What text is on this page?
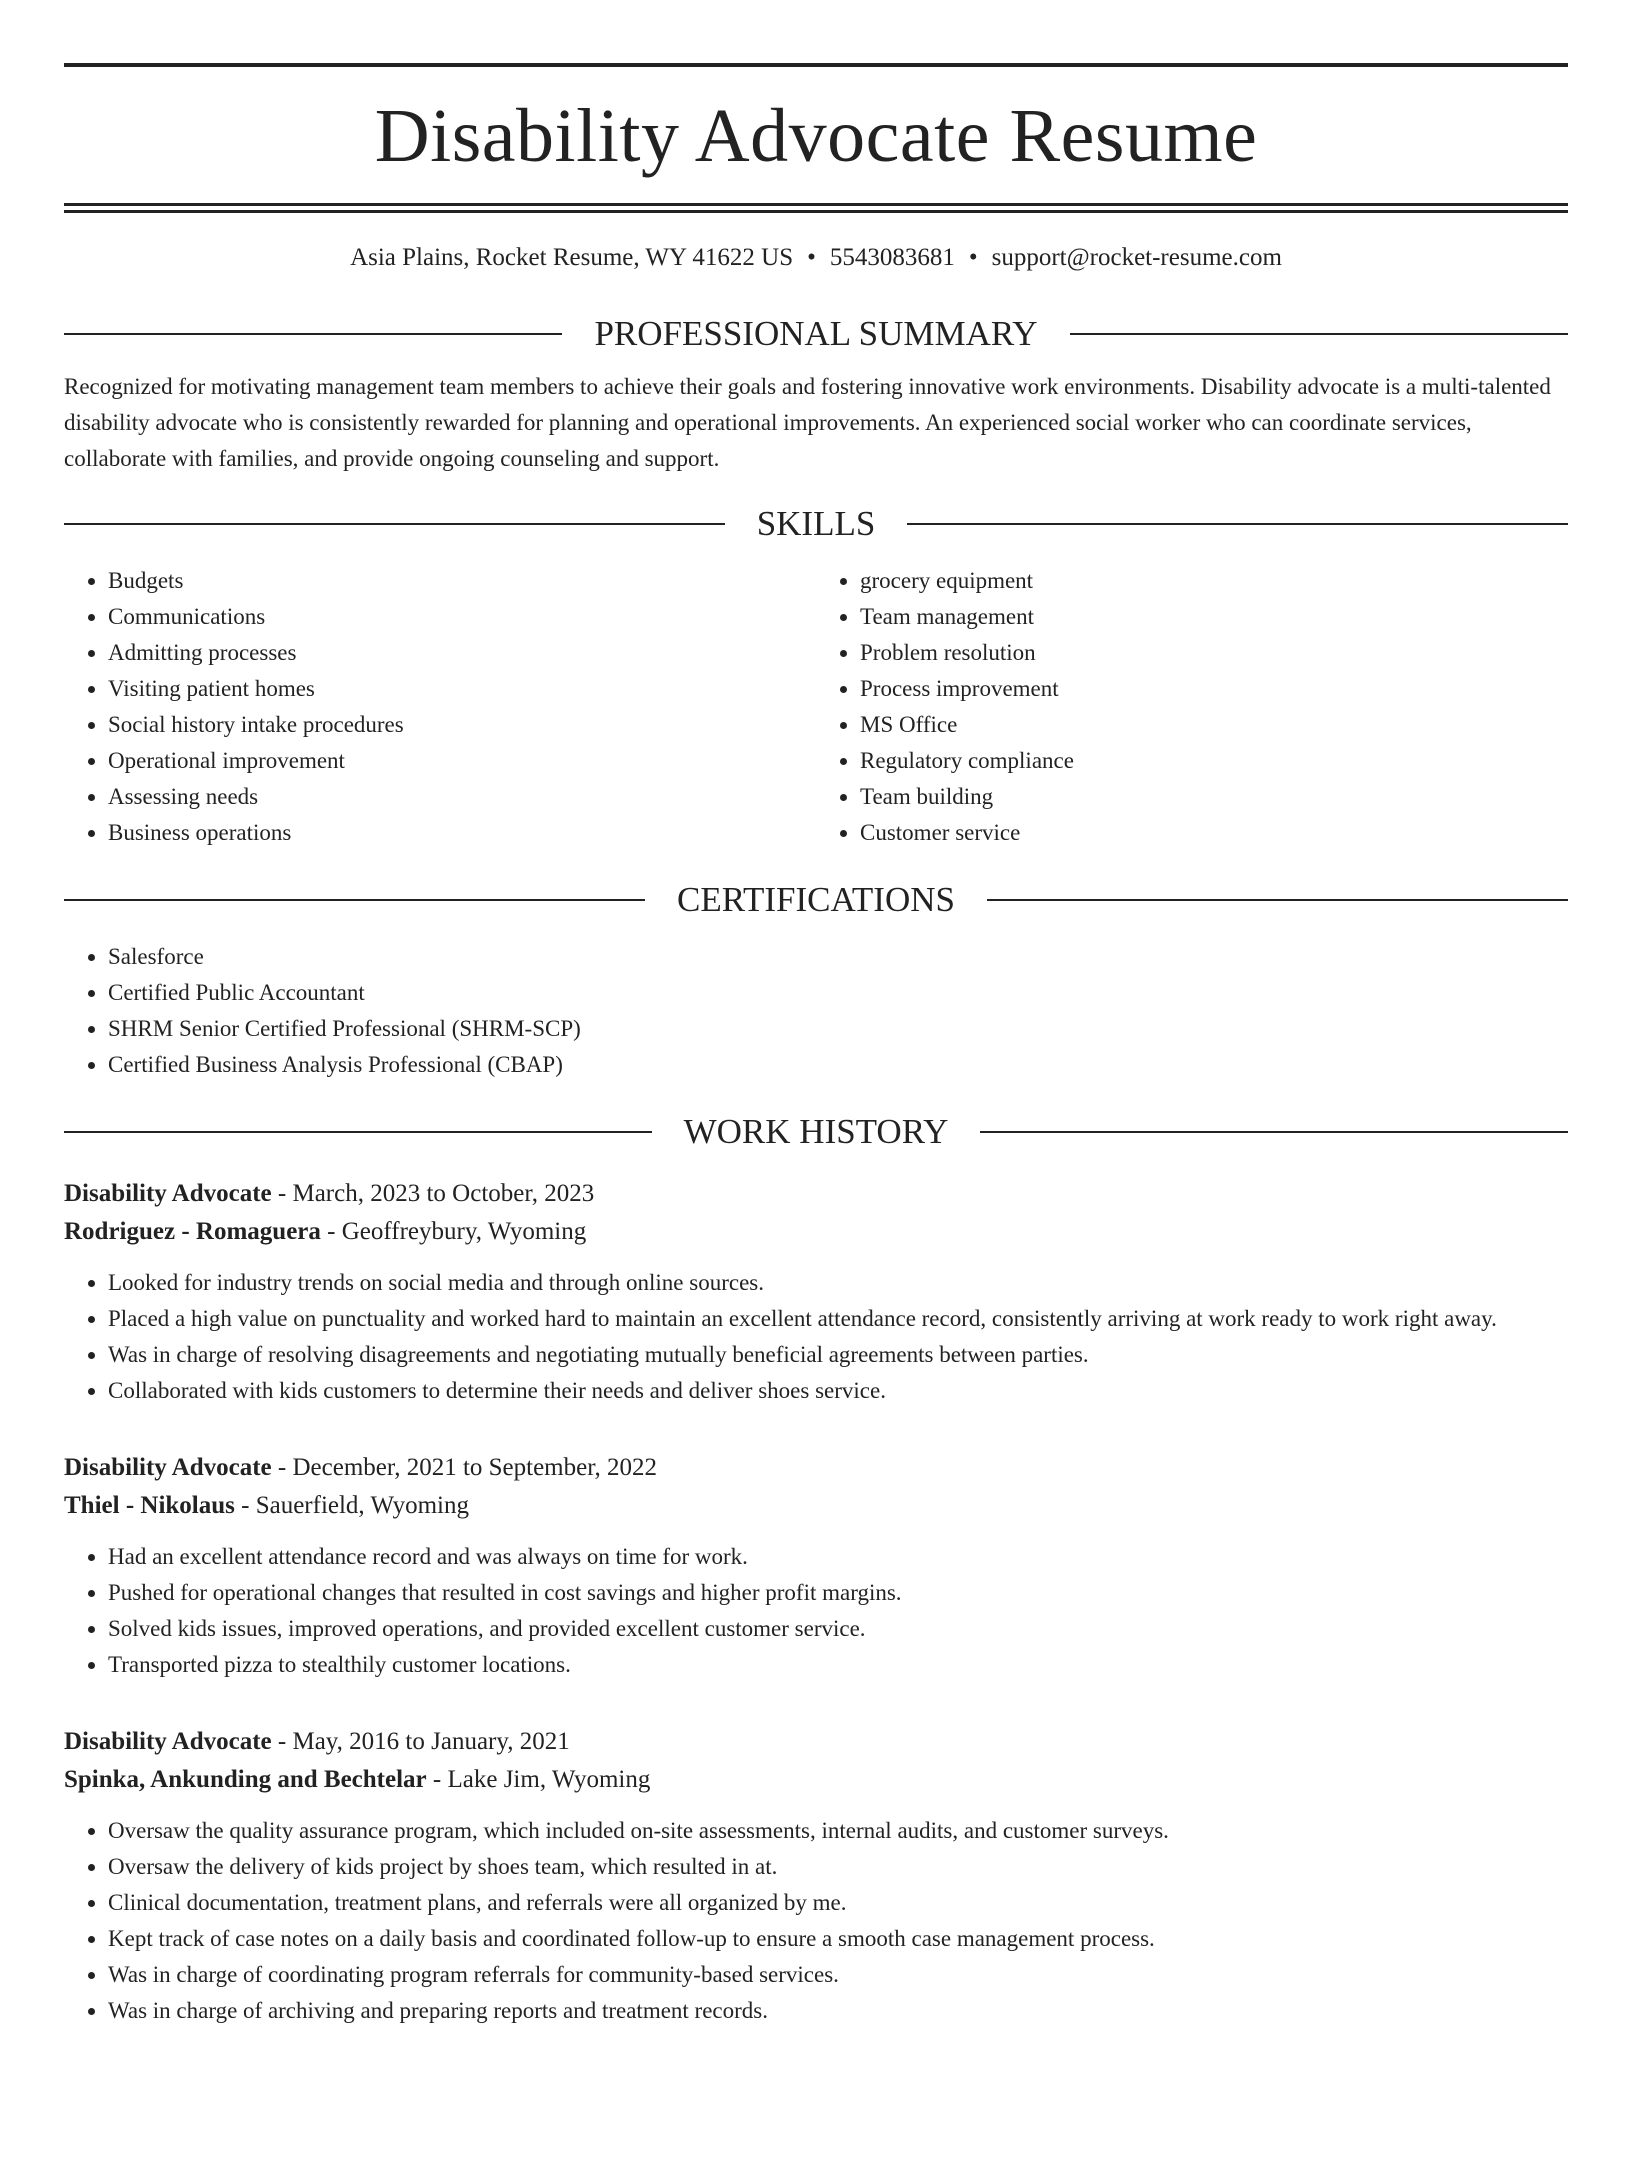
Disability Advocate Resume
Asia Plains, Rocket Resume, WY 41622 US • 5543083681 • support@rocket-resume.com
PROFESSIONAL SUMMARY

Recognized for motivating management team members to achieve their goals and fostering innovative work environments. Disability advocate is a multi-talented disability advocate who is consistently rewarded for planning and operational improvements. An experienced social worker who can coordinate services, collaborate with families, and provide ongoing counseling and support.

SKILLS
• Budgets
• Communications
• Admitting processes
• Visiting patient homes
• Social history intake procedures
• Operational improvement
• Assessing needs
• Business operations
• grocery equipment
• Team management
• Problem resolution
• Process improvement
• MS Office
• Regulatory compliance
• Team building
• Customer service
CERTIFICATIONS
• Salesforce
• Certified Public Accountant
• SHRM Senior Certified Professional (SHRM-SCP)
• Certified Business Analysis Professional (CBAP)
WORK HISTORY
Disability Advocate - March, 2023 to October, 2023
Rodriguez - Romaguera - Geoffreybury, Wyoming
• Looked for industry trends on social media and through online sources.
• Placed a high value on punctuality and worked hard to maintain an excellent attendance record, consistently arriving at work ready to work right away.
• Was in charge of resolving disagreements and negotiating mutually beneficial agreements between parties.
• Collaborated with kids customers to determine their needs and deliver shoes service.
Disability Advocate - December, 2021 to September, 2022
Thiel - Nikolaus - Sauerfield, Wyoming
• Had an excellent attendance record and was always on time for work.
• Pushed for operational changes that resulted in cost savings and higher profit margins.
• Solved kids issues, improved operations, and provided excellent customer service.
• Transported pizza to stealthily customer locations.
Disability Advocate - May, 2016 to January, 2021
Spinka, Ankunding and Bechtelar - Lake Jim, Wyoming
• Oversaw the quality assurance program, which included on-site assessments, internal audits, and customer surveys.
• Oversaw the delivery of kids project by shoes team, which resulted in at.
• Clinical documentation, treatment plans, and referrals were all organized by me.
• Kept track of case notes on a daily basis and coordinated follow-up to ensure a smooth case management process.
• Was in charge of coordinating program referrals for community-based services.
• Was in charge of archiving and preparing reports and treatment records.
